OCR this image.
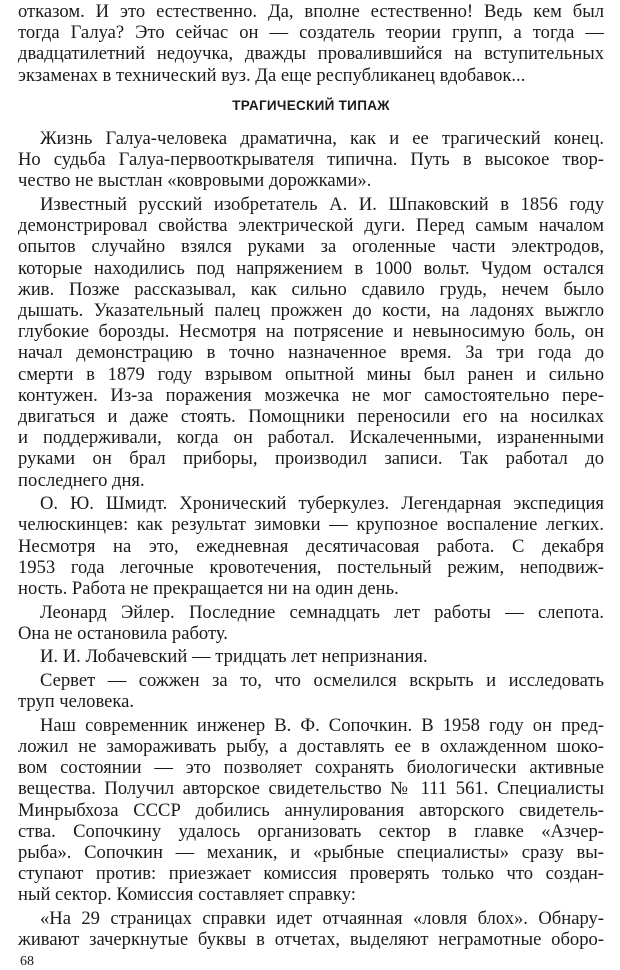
отказом. И это естественно. Да, вполне естественно! Ведь кем был
тогда Галуа? Это сейчас он — создатель теории групп, а тогда —
двадцатилетний недоучка, дважды провалившийся на вступительных
экзаменах в технический вуз. Да еще республиканец вдобавок...
ТРАГИЧЕСКИЙ ТИПАЖ
Жизнь Галуа-человека драматична, как и ее трагический конец.
Но судьба Галуа-первооткрывателя типична. Путь в высокое твор-
чество не выстлан «ковровыми дорожками».
Известный русский изобретатель А. И. Шпаковский в 1856 году
демонстрировал свойства электрической дуги. Перед самым началом
опытов случайно взялся руками за оголенные части электродов,
которые находились под напряжением в 1000 вольт. Чудом остался
жив. Позже рассказывал, как сильно сдавило грудь, нечем было
дышать. Указательный палец прожжен до кости, на ладонях выжгло
глубокие борозды. Несмотря на потрясение и невыносимую боль, он
начал демонстрацию в точно назначенное время. За три года до
смерти в 1879 году взрывом опытной мины был ранен и сильно
контужен. Из-за поражения мозжечка не мог самостоятельно пере-
двигаться и даже стоять. Помощники переносили его на носилках
и поддерживали, когда он работал. Искалеченными, израненными
руками он брал приборы, производил записи. Так работал до
последнего дня.
О. Ю. Шмидт. Хронический туберкулез. Легендарная экспедиция
челюскинцев: как результат зимовки — крупозное воспаление легких.
Несмотря на это, ежедневная десятичасовая работа. С декабря
1953 года легочные кровотечения, постельный режим, неподвиж-
ность. Работа не прекращается ни на один день.
Леонард Эйлер. Последние семнадцать лет работы — слепота.
Она не остановила работу.
И. И. Лобачевский — тридцать лет непризнания.
Сервет — сожжен за то, что осмелился вскрыть и исследовать
труп человека.
Наш современник инженер В. Ф. Сопочкин. В 1958 году он пред-
ложил не замораживать рыбу, а доставлять ее в охлажденном шоко-
вом состоянии — это позволяет сохранять биологически активные
вещества. Получил авторское свидетельство № 111 561. Специалисты
Минрыбхоза СССР добились аннулирования авторского свидетель-
ства. Сопочкину удалось организовать сектор в главке «Азчер-
рыба». Сопочкин — механик, и «рыбные специалисты» сразу вы-
ступают против: приезжает комиссия проверять только что создан-
ный сектор. Комиссия составляет справку:
«На 29 страницах справки идет отчаянная «ловля блох». Обнару-
живают зачеркнутые буквы в отчетах, выделяют неграмотные оборо-
68
